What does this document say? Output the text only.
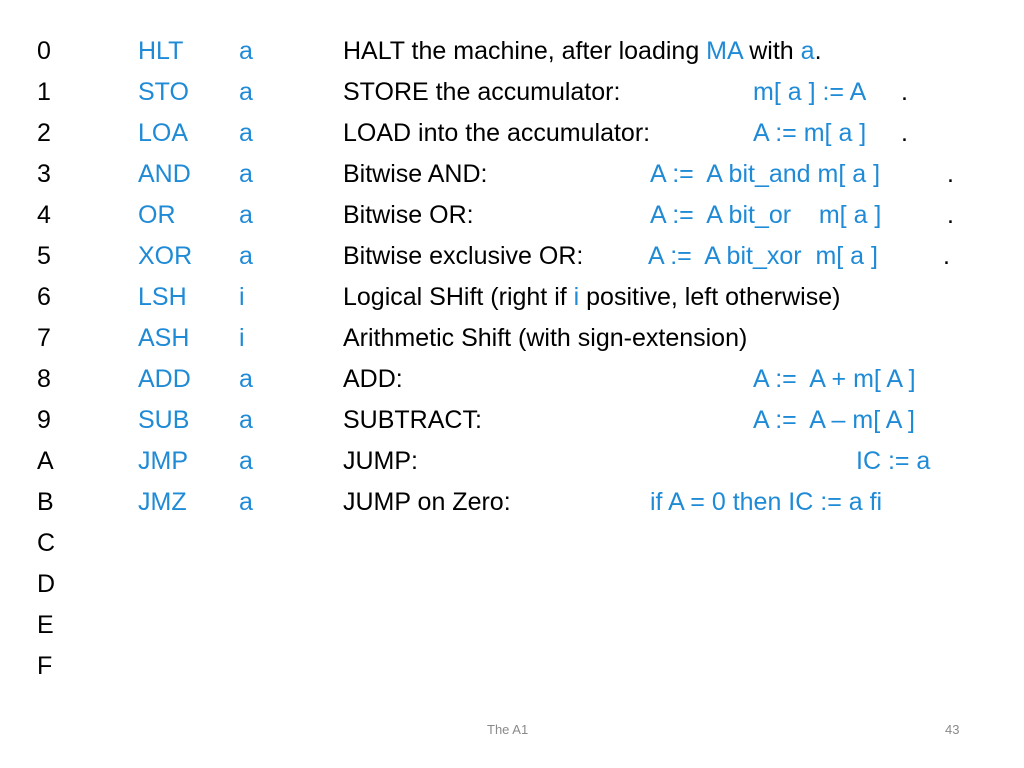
0	HLT a	HALT the machine, after loading MA with a.
1	STO a	STORE the accumulator:	m[ a ] := A .
2	LOA a	LOAD into the accumulator:	A := m[ a ] .
3	AND a	Bitwise AND:	A :=  A bit_and m[ a ]	.
4	OR	a	Bitwise OR:	A :=  A bit_or    m[ a ]	.
5	XOR a	Bitwise exclusive OR:	A :=  A bit_xor  m[ a ]	.
6	LSH i	Logical SHift (right if i positive, left otherwise)
7	ASH i	Arithmetic Shift (with sign-extension)
8	ADD a	ADD:	A :=  A + m[ A ]
9	SUB a	SUBTRACT:	A :=  A – m[ A ]
A	JMP a	JUMP:	IC := a
B	JMZ a	JUMP on Zero:	if A = 0 then IC := a fi
C
D
E
F
The A1	43
